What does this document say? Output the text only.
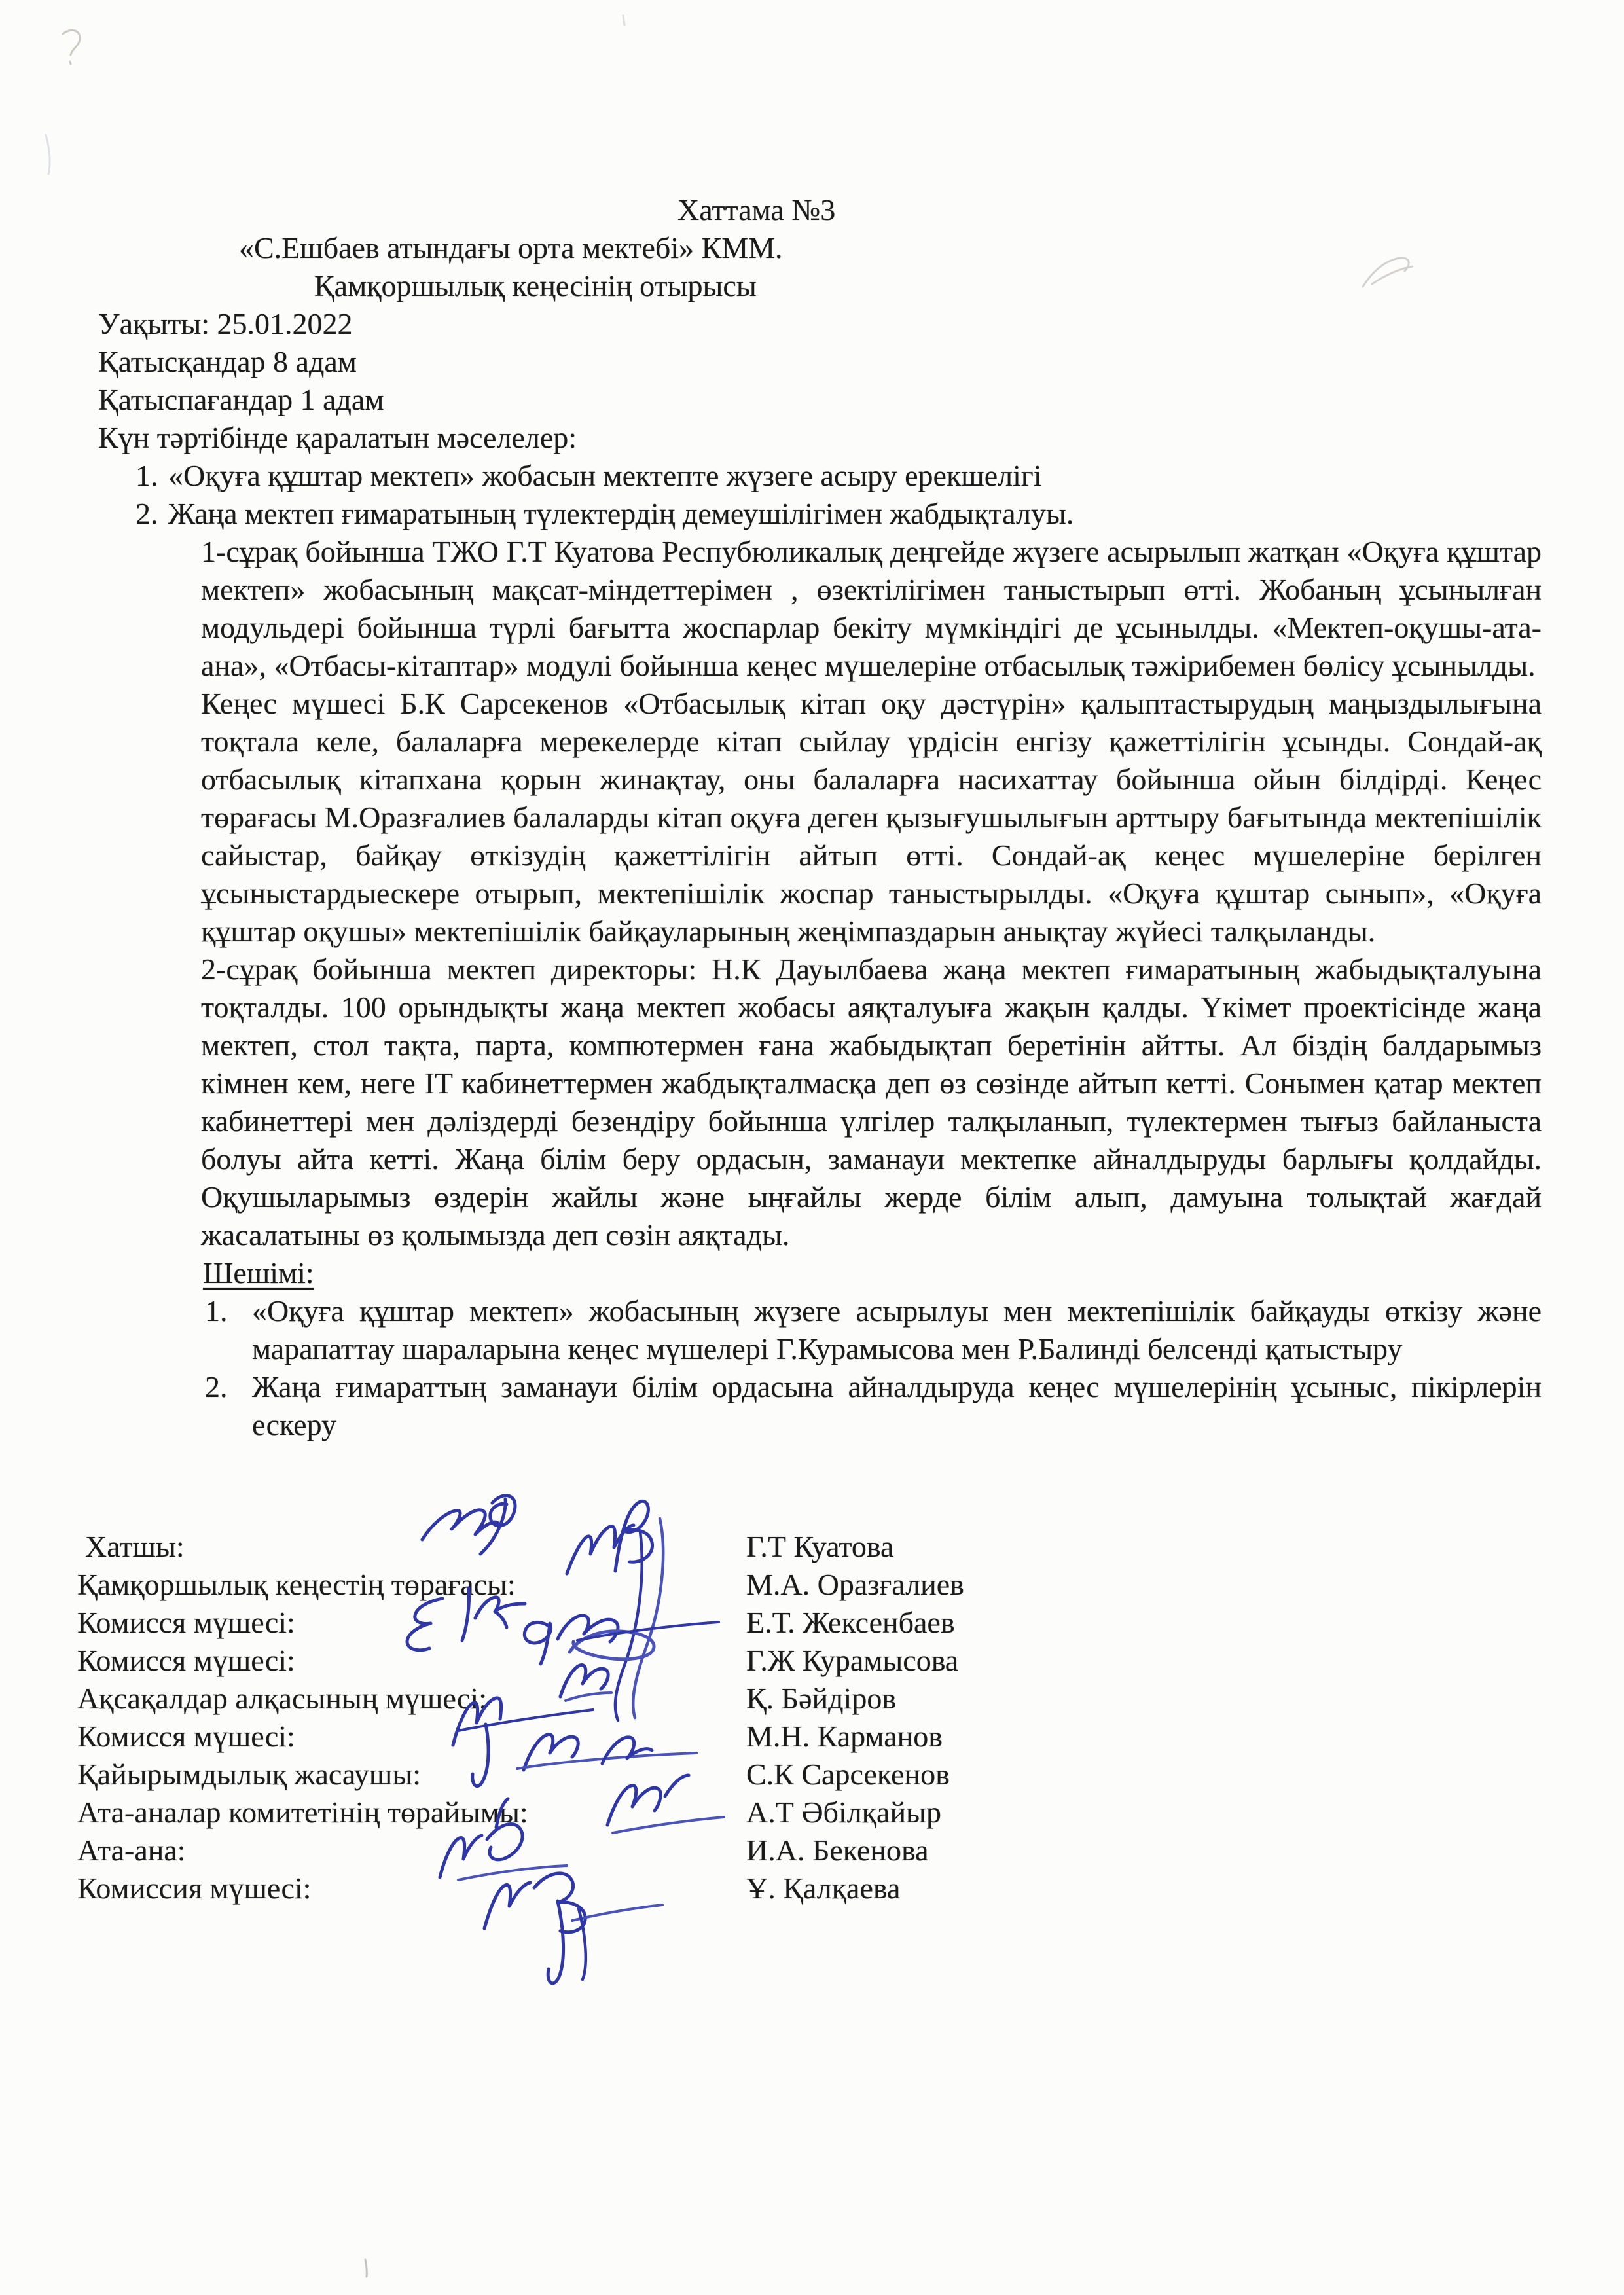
Хаттама №3
«С.Ешбаев атындағы орта мектебі» КММ.
Қамқоршылық кеңесінің отырысы
Уақыты: 25.01.2022
Қатысқандар 8 адам
Қатыспағандар 1 адам
Күн тәртібінде қаралатын мәселелер:
1. «Оқуға құштар мектеп» жобасын мектепте жүзеге асыру ерекшелігі
2. Жаңа мектеп ғимаратының түлектердің демеушілігімен жабдықталуы.
1-сұрақ бойынша ТЖО Г.Т Куатова Респубюликалық деңгейде жүзеге асырылып жатқан «Оқуға құштар мектеп» жобасының мақсат-міндеттерімен , өзектілігімен таныстырып өтті. Жобаның ұсынылған модульдері бойынша түрлі бағытта жоспарлар бекіту мүмкіндігі де ұсынылды. «Мектеп-оқушы-ата-ана», «Отбасы-кітаптар» модулі бойынша кеңес мүшелеріне отбасылық тәжірибемен бөлісу ұсынылды.
Кеңес мүшесі Б.К Сарсекенов «Отбасылық кітап оқу дәстүрін» қалыптастырудың маңыздылығына тоқтала келе, балаларға мерекелерде кітап сыйлау үрдісін енгізу қажеттілігін ұсынды. Сондай-ақ отбасылық кітапхана қорын жинақтау, оны балаларға насихаттау бойынша ойын білдірді. Кеңес төрағасы М.Оразғалиев балаларды кітап оқуға деген қызығушылығын арттыру бағытында мектепішілік сайыстар, байқау өткізудің қажеттілігін айтып өтті. Сондай-ақ кеңес мүшелеріне берілген ұсыныстардыескере отырып, мектепішілік жоспар таныстырылды. «Оқуға құштар сынып», «Оқуға құштар оқушы» мектепішілік байқауларының жеңімпаздарын анықтау жүйесі талқыланды.
2-сұрақ бойынша мектеп директоры: Н.К Дауылбаева жаңа мектеп ғимаратының жабыдықталуына тоқталды. 100 орындықты жаңа мектеп жобасы аяқталуыға жақын қалды. Үкімет проектісінде жаңа мектеп, стол тақта, парта, компютермен ғана жабыдықтап беретінін айтты. Ал біздің балдарымыз кімнен кем, неге IT кабинеттермен жабдықталмасқа деп өз сөзінде айтып кетті. Сонымен қатар мектеп кабинеттері мен дәліздерді безендіру бойынша үлгілер талқыланып, түлектермен тығыз байланыста болуы айта кетті. Жаңа білім беру ордасын, заманауи мектепке айналдыруды барлығы қолдайды. Оқушыларымыз өздерін жайлы және ыңғайлы жерде білім алып, дамуына толықтай жағдай жасалатыны өз қолымызда деп сөзін аяқтады.
Шешімі:
1. «Оқуға құштар мектеп» жобасының жүзеге асырылуы мен мектепішілік байқауды өткізу және марапаттау шараларына кеңес мүшелері Г.Курамысова мен Р.Балинді белсенді қатыстыру
2. Жаңа ғимараттың заманауи білім ордасына айналдыруда кеңес мүшелерінің ұсыныс, пікірлерін ескеру
Хатшы:	Г.Т Куатова
Қамқоршылық кеңестің төрағасы:	М.А. Оразғалиев
Комисся мүшесі:	Е.Т. Жексенбаев
Комисся мүшесі:	Г.Ж Курамысова
Ақсақалдар алқасының мүшесі:	Қ. Бәйдіров
Комисся мүшесі:	М.Н. Карманов
Қайырымдылық жасаушы:	С.К Сарсекенов
Ата-аналар комитетінің төрайымы:	А.Т Әбілқайыр
Ата-ана:	И.А. Бекенова
Комиссия мүшесі:	Ұ. Қалқаева
